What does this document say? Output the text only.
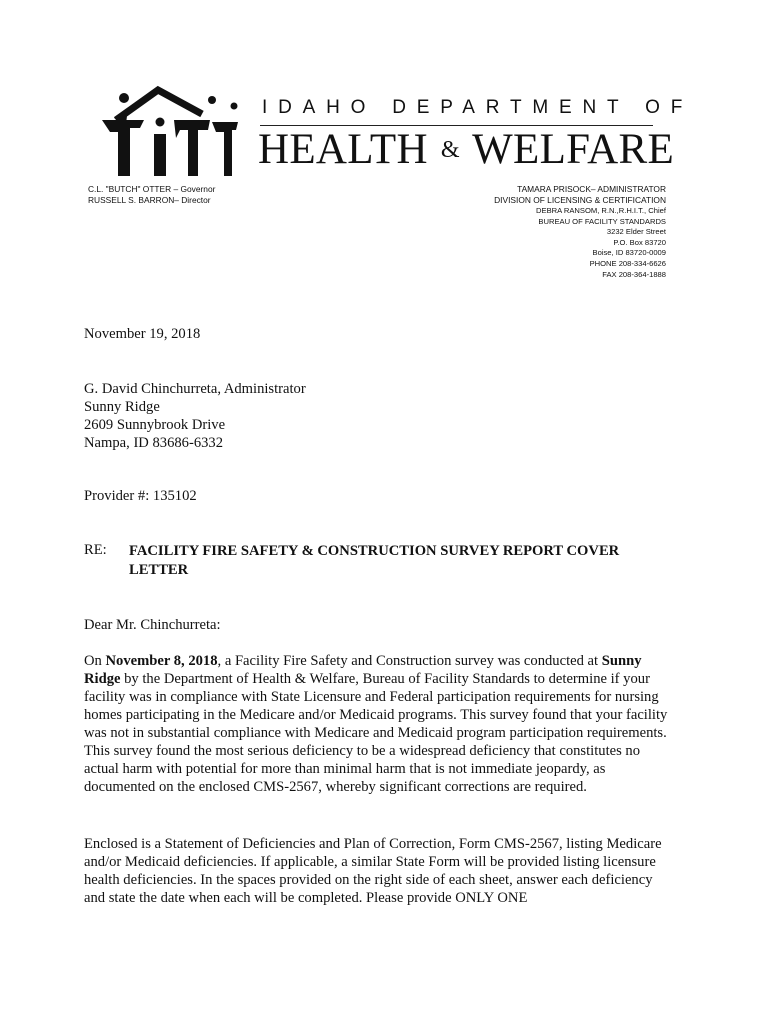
IDAHO DEPARTMENT OF
HEALTH & WELFARE
C.L. "BUTCH" OTTER – Governor
RUSSELL S. BARRON– Director
TAMARA PRISOCK– ADMINISTRATOR
DIVISION OF LICENSING & CERTIFICATION
DEBRA RANSOM, R.N.,R.H.I.T., Chief
BUREAU OF FACILITY STANDARDS
3232 Elder Street
P.O. Box 83720
Boise, ID 83720-0009
PHONE 208-334-6626
FAX 208-364-1888
November 19, 2018
G. David Chinchurreta, Administrator
Sunny Ridge
2609 Sunnybrook Drive
Nampa, ID 83686-6332
Provider #: 135102
RE: FACILITY FIRE SAFETY & CONSTRUCTION SURVEY REPORT COVER LETTER
Dear Mr. Chinchurreta:
On November 8, 2018, a Facility Fire Safety and Construction survey was conducted at Sunny Ridge by the Department of Health & Welfare, Bureau of Facility Standards to determine if your facility was in compliance with State Licensure and Federal participation requirements for nursing homes participating in the Medicare and/or Medicaid programs. This survey found that your facility was not in substantial compliance with Medicare and Medicaid program participation requirements. This survey found the most serious deficiency to be a widespread deficiency that constitutes no actual harm with potential for more than minimal harm that is not immediate jeopardy, as documented on the enclosed CMS-2567, whereby significant corrections are required.
Enclosed is a Statement of Deficiencies and Plan of Correction, Form CMS-2567, listing Medicare and/or Medicaid deficiencies. If applicable, a similar State Form will be provided listing licensure health deficiencies. In the spaces provided on the right side of each sheet, answer each deficiency and state the date when each will be completed. Please provide ONLY ONE
